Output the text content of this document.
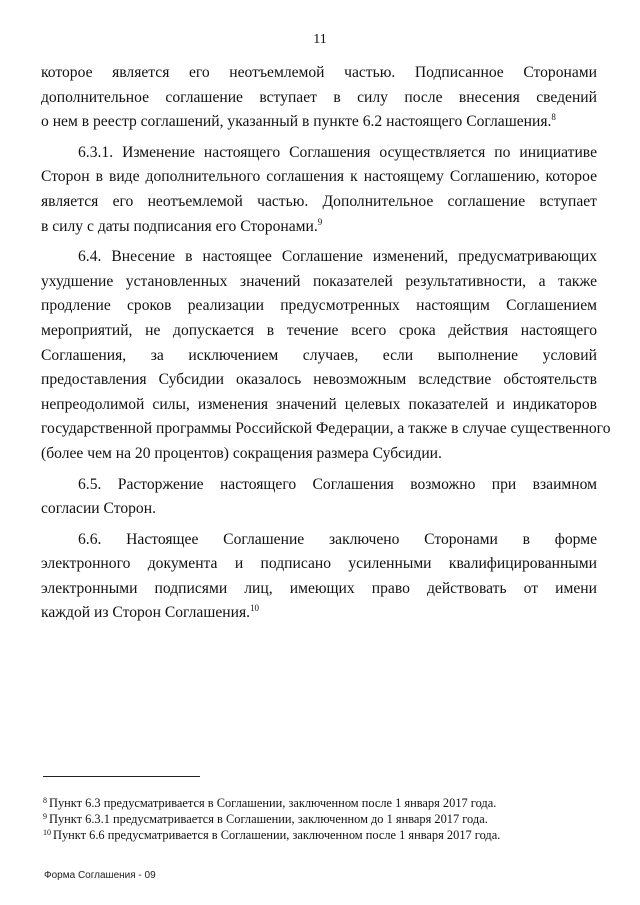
11
которое является его неотъемлемой частью. Подписанное Сторонами
дополнительное соглашение вступает в силу после внесения сведений
о нем в реестр соглашений, указанный в пункте 6.2 настоящего Соглашения.$^8$
6.3.1. Изменение настоящего Соглашения осуществляется по инициативе
Сторон в виде дополнительного соглашения к настоящему Соглашению, которое
является его неотъемлемой частью. Дополнительное соглашение вступает
в силу с даты подписания его Сторонами.$^9$
6.4. Внесение в настоящее Соглашение изменений, предусматривающих
ухудшение установленных значений показателей результативности, а также
продление сроков реализации предусмотренных настоящим Соглашением
мероприятий, не допускается в течение всего срока действия настоящего
Соглашения, за исключением случаев, если выполнение условий
предоставления Субсидии оказалось невозможным вследствие обстоятельств
непреодолимой силы, изменения значений целевых показателей и индикаторов
государственной программы Российской Федерации, а также в случае существенного
(более чем на 20 процентов) сокращения размера Субсидии.
6.5. Расторжение настоящего Соглашения возможно при взаимном
согласии Сторон.
6.6. Настоящее Соглашение заключено Сторонами в форме
электронного документа и подписано усиленными квалифицированными
электронными подписями лиц, имеющих право действовать от имени
каждой из Сторон Соглашения.$^{10}$
$^8$ Пункт 6.3 предусматривается в Соглашении, заключенном после 1 января 2017 года.
$^9$ Пункт 6.3.1 предусматривается в Соглашении, заключенном до 1 января 2017 года.
$^{10}$ Пункт 6.6 предусматривается в Соглашении, заключенном после 1 января 2017 года.
Форма Соглашения - 09
